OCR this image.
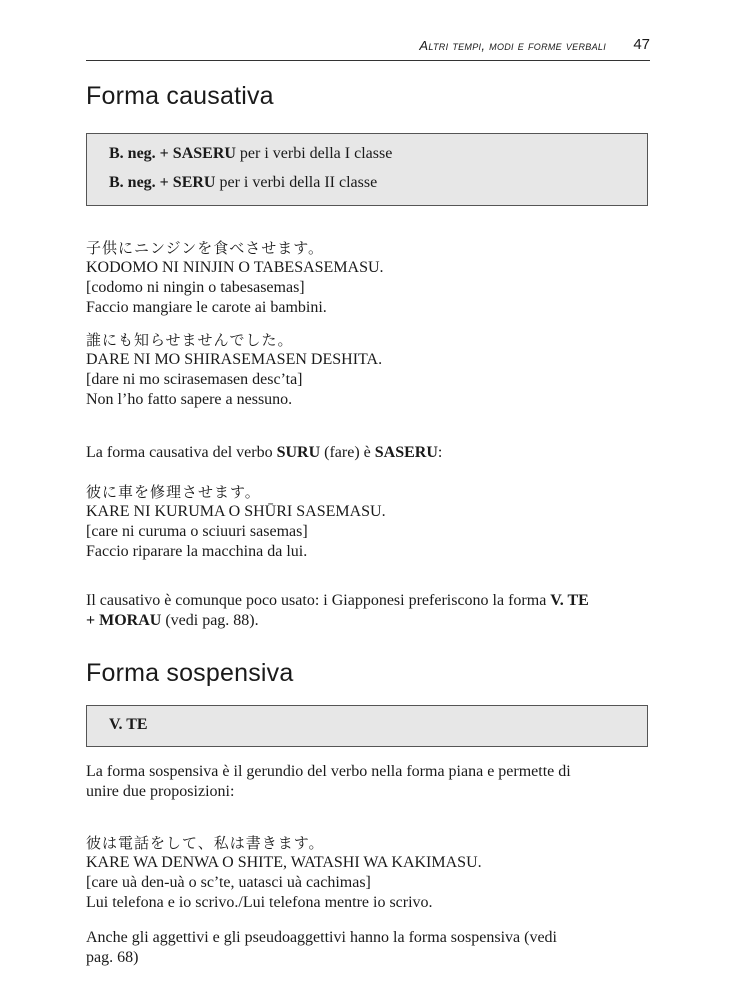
Altri tempi, modi e forme verbali 47
Forma causativa
B. neg. + SASERU per i verbi della I classe
B. neg. + SERU per i verbi della II classe
子供にニンジンを食べさせます。
KODOMO NI NINJIN O TABESASEMASU.
[codomo ni ningin o tabesasemas]
Faccio mangiare le carote ai bambini.
誰にも知らせませんでした。
DARE NI MO SHIRASEMASEN DESHITA.
[dare ni mo scirasemasen desc’ta]
Non l’ho fatto sapere a nessuno.
La forma causativa del verbo SURU (fare) è SASERU:
彼に車を修理させます。
KARE NI KURUMA O SHŪRI SASEMASU.
[care ni curuma o sciuuri sasemas]
Faccio riparare la macchina da lui.
Il causativo è comunque poco usato: i Giapponesi preferiscono la forma V. TE
+ MORAU (vedi pag. 88).
Forma sospensiva
V. TE
La forma sospensiva è il gerundio del verbo nella forma piana e permette di
unire due proposizioni:
彼は電話をして、私は書きます。
KARE WA DENWA O SHITE, WATASHI WA KAKIMASU.
[care uà den-uà o sc’te, uatasci uà cachimas]
Lui telefona e io scrivo./Lui telefona mentre io scrivo.
Anche gli aggettivi e gli pseudoaggettivi hanno la forma sospensiva (vedi
pag. 68)
